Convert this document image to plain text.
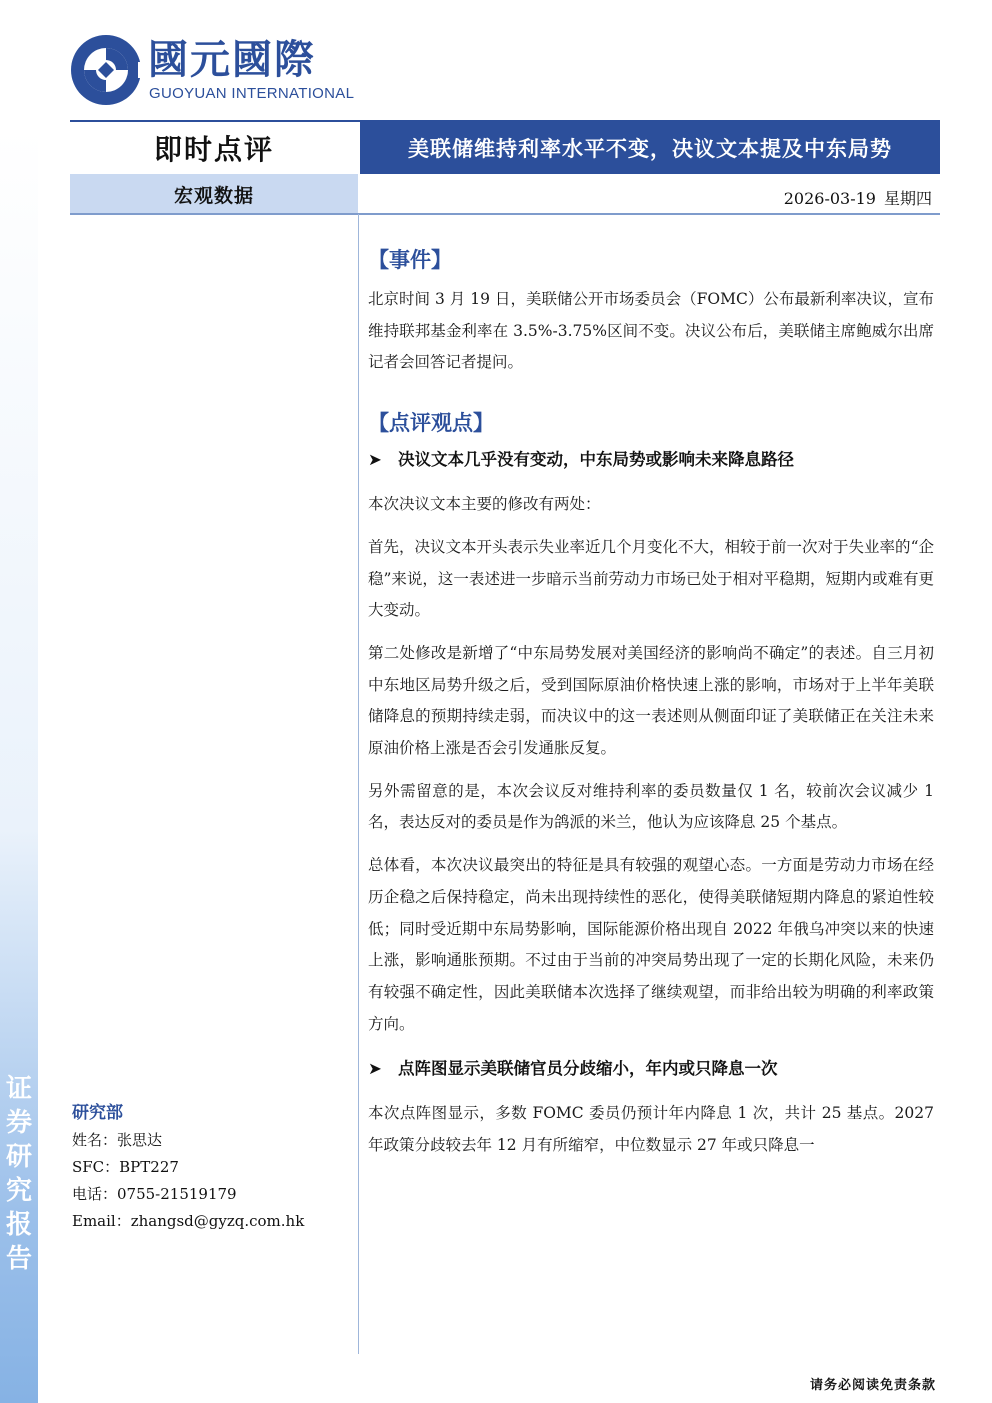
证
券
研
究
报
告
國元國際
GUOYUAN INTERNATIONAL
即时点评	美联储维持利率水平不变，决议文本提及中东局势
宏观数据	2026-03-19 星期四
研究部
姓名：张思达
SFC：BPT227
电话：0755-21519179
Email：zhangsd@gyzq.com.hk
【事件】

北京时间 3 月 19 日，美联储公开市场委员会（FOMC）公布最新利率决议，宣布维持联邦基金利率在 3.5%-3.75%区间不变。决议公布后，美联储主席鲍威尔出席记者会回答记者提问。

【点评观点】

➤ 决议文本几乎没有变动，中东局势或影响未来降息路径

本次决议文本主要的修改有两处：

首先，决议文本开头表示失业率近几个月变化不大，相较于前一次对于失业率的“企稳”来说，这一表述进一步暗示当前劳动力市场已处于相对平稳期，短期内或难有更大变动。

第二处修改是新增了“中东局势发展对美国经济的影响尚不确定”的表述。自三月初中东地区局势升级之后，受到国际原油价格快速上涨的影响，市场对于上半年美联储降息的预期持续走弱，而决议中的这一表述则从侧面印证了美联储正在关注未来原油价格上涨是否会引发通胀反复。

另外需留意的是，本次会议反对维持利率的委员数量仅 1 名，较前次会议减少 1 名，表达反对的委员是作为鸽派的米兰，他认为应该降息 25 个基点。

总体看，本次决议最突出的特征是具有较强的观望心态。一方面是劳动力市场在经历企稳之后保持稳定，尚未出现持续性的恶化，使得美联储短期内降息的紧迫性较低；同时受近期中东局势影响，国际能源价格出现自 2022 年俄乌冲突以来的快速上涨，影响通胀预期。不过由于当前的冲突局势出现了一定的长期化风险，未来仍有较强不确定性，因此美联储本次选择了继续观望，而非给出较为明确的利率政策方向。

➤ 点阵图显示美联储官员分歧缩小，年内或只降息一次

本次点阵图显示，多数 FOMC 委员仍预计年内降息 1 次，共计 25 基点。2027 年政策分歧较去年 12 月有所缩窄，中位数显示 27 年或只降息一

请务必阅读免责条款
